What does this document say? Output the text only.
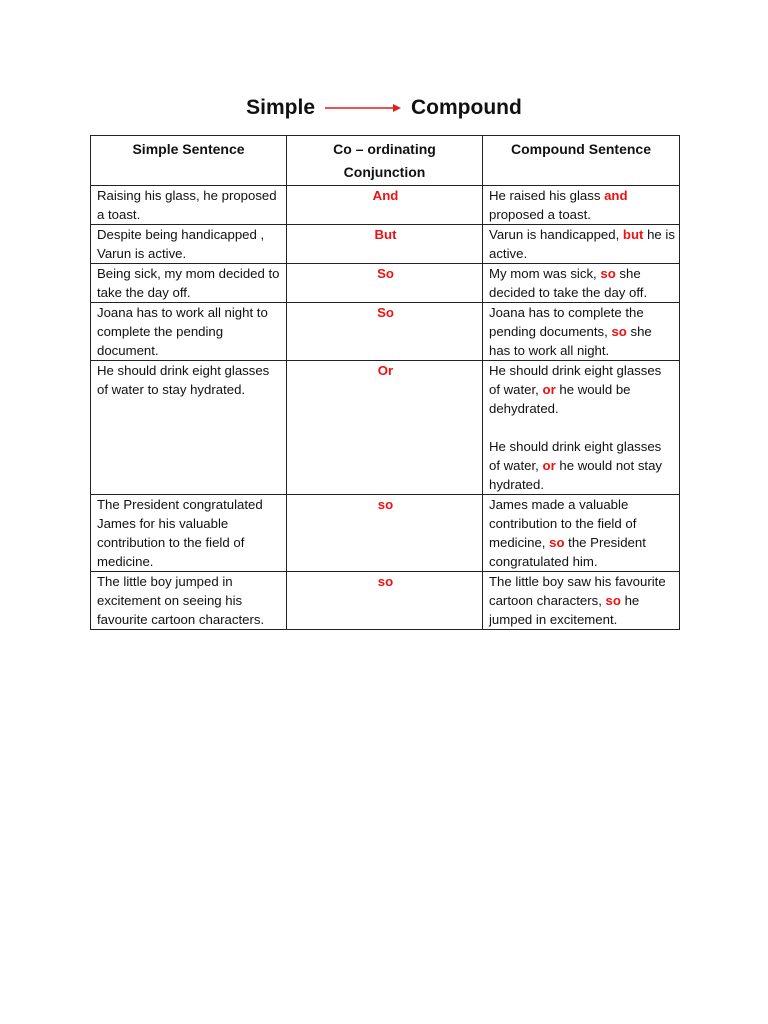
Simple	Compound
Simple Sentence	Co – ordinating Conjunction	Compound Sentence
Raising his glass, he proposed a toast.	And	He raised his glass and proposed a toast.

Despite being handicapped , Varun is active.	But	Varun is handicapped, but he is active.

Being sick, my mom decided to take the day off.	So	My mom was sick, so she decided to take the day off.

Joana has to work all night to complete the pending document.	So	Joana has to complete the pending documents, so she has to work all night.

He should drink eight glasses of water to stay hydrated.	Or	He should drink eight glasses of water, or he would be dehydrated.
He should drink eight glasses of water, or he would not stay hydrated.

The President congratulated James for his valuable contribution to the field of medicine.	so	James made a valuable contribution to the field of medicine, so the President congratulated him.

The little boy jumped in excitement on seeing his favourite cartoon characters.	so	The little boy saw his favourite cartoon characters, so he jumped in excitement.
